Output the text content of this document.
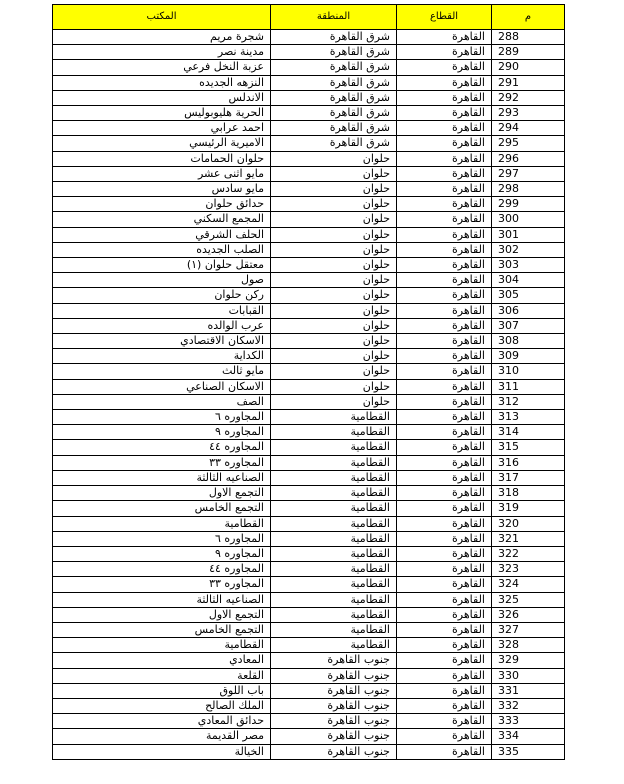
م	القطاع	المنطقة	المكتب
288	القاهرة	شرق القاهرة	شجرة مريم
289	القاهرة	شرق القاهرة	مدينة نصر
290	القاهرة	شرق القاهرة	عزبة النخل فرعي
291	القاهرة	شرق القاهرة	النزهه الجديده
292	القاهرة	شرق القاهرة	الاندلس
293	القاهرة	شرق القاهرة	الحرية هليوبوليس
294	القاهرة	شرق القاهرة	احمد عرابي
295	القاهرة	شرق القاهرة	الاميرية الرئيسي
296	القاهرة	حلوان	حلوان الحمامات
297	القاهرة	حلوان	مايو اثنى عشر
298	القاهرة	حلوان	مايو سادس
299	القاهرة	حلوان	حدائق حلوان
300	القاهرة	حلوان	المجمع السكني
301	القاهرة	حلوان	الحلف الشرقي
302	القاهرة	حلوان	الصلب الجديده
303	القاهرة	حلوان	معتقل حلوان (١)
304	القاهرة	حلوان	صول
305	القاهرة	حلوان	ركن حلوان
306	القاهرة	حلوان	القبابات
307	القاهرة	حلوان	عرب الوالده
308	القاهرة	حلوان	الاسكان الاقتصادي
309	القاهرة	حلوان	الكداية
310	القاهرة	حلوان	مايو ثالث
311	القاهرة	حلوان	الاسكان الصناعي
312	القاهرة	حلوان	الصف
313	القاهرة	القطامية	المجاوره ٦
314	القاهرة	القطامية	المجاوره ٩
315	القاهرة	القطامية	المجاوره ٤٤
316	القاهرة	القطامية	المجاوره ٣٣
317	القاهرة	القطامية	الصناعيه الثالثة
318	القاهرة	القطامية	التجمع الاول
319	القاهرة	القطامية	التجمع الخامس
320	القاهرة	القطامية	القطامية
321	القاهرة	القطامية	المجاوره ٦
322	القاهرة	القطامية	المجاوره ٩
323	القاهرة	القطامية	المجاوره ٤٤
324	القاهرة	القطامية	المجاوره ٣٣
325	القاهرة	القطامية	الصناعيه الثالثة
326	القاهرة	القطامية	التجمع الاول
327	القاهرة	القطامية	التجمع الخامس
328	القاهرة	القطامية	القطامية
329	القاهرة	جنوب القاهرة	المعادي
330	القاهرة	جنوب القاهرة	القلعة
331	القاهرة	جنوب القاهرة	باب اللوق
332	القاهرة	جنوب القاهرة	الملك الصالح
333	القاهرة	جنوب القاهرة	حدائق المعادي
334	القاهرة	جنوب القاهرة	مصر القديمة
335	القاهرة	جنوب القاهرة	الخيالة
